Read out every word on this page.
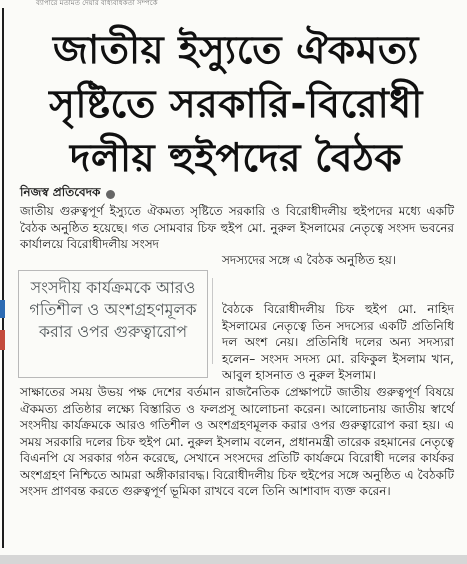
ব্যাপারে মতামত দেয়ার বাধ্যবাধকতা সম্পর্কে
জাতীয় ইস্যুতে ঐকমত্য
সৃষ্টিতে সরকারি-বিরোধী
দলীয় হুইপদের বৈঠক
নিজস্ব প্রতিবেদক
জাতীয় গুরুত্বপূর্ণ ইস্যুতে ঐকমত্য সৃষ্টিতে সরকারি ও বিরোধীদলীয় হুইপদের মধ্যে একটি বৈঠক অনুষ্ঠিত হয়েছে। গত সোমবার চিফ হুইপ মো. নুরুল ইসলামের নেতৃত্বে সংসদ ভবনের কার্যালয়ে বিরোধীদলীয় সংসদ
সদস্যদের সঙ্গে এ বৈঠক অনুষ্ঠিত হয়।
সংসদীয় কার্যক্রমকে আরও গতিশীল ও অংশগ্রহণমূলক করার ওপর গুরুত্বারোপ
বৈঠকে বিরোধীদলীয় চিফ হুইপ মো. নাহিদ ইসলামের নেতৃত্বে তিন সদস্যের একটি প্রতিনিধি দল অংশ নেয়। প্রতিনিধি দলের অন্য সদস্যরা হলেন– সংসদ সদস্য মো. রফিকুল ইসলাম খান, আবুল হাসনাত ও নুরুল ইসলাম।
সাক্ষাতের সময় উভয় পক্ষ দেশের বর্তমান রাজনৈতিক প্রেক্ষাপটে জাতীয় গুরুত্বপূর্ণ বিষয়ে ঐকমত্য প্রতিষ্ঠার লক্ষ্যে বিস্তারিত ও ফলপ্রসূ আলোচনা করেন। আলোচনায় জাতীয় স্বার্থে সংসদীয় কার্যক্রমকে আরও গতিশীল ও অংশগ্রহণমূলক করার ওপর গুরুত্বারোপ করা হয়। এ সময় সরকারি দলের চিফ হুইপ মো. নুরুল ইসলাম বলেন, প্রধানমন্ত্রী তারেক রহমানের নেতৃত্বে বিএনপি যে সরকার গঠন করেছে, সেখানে সংসদের প্রতিটি কার্যক্রমে বিরোধী দলের কার্যকর অংশগ্রহণ নিশ্চিতে আমরা অঙ্গীকারাবদ্ধ। বিরোধীদলীয় চিফ হুইপের সঙ্গে অনুষ্ঠিত এ বৈঠকটি সংসদ প্রাণবন্ত করতে গুরুত্বপূর্ণ ভূমিকা রাখবে বলে তিনি আশাবাদ ব্যক্ত করেন।
